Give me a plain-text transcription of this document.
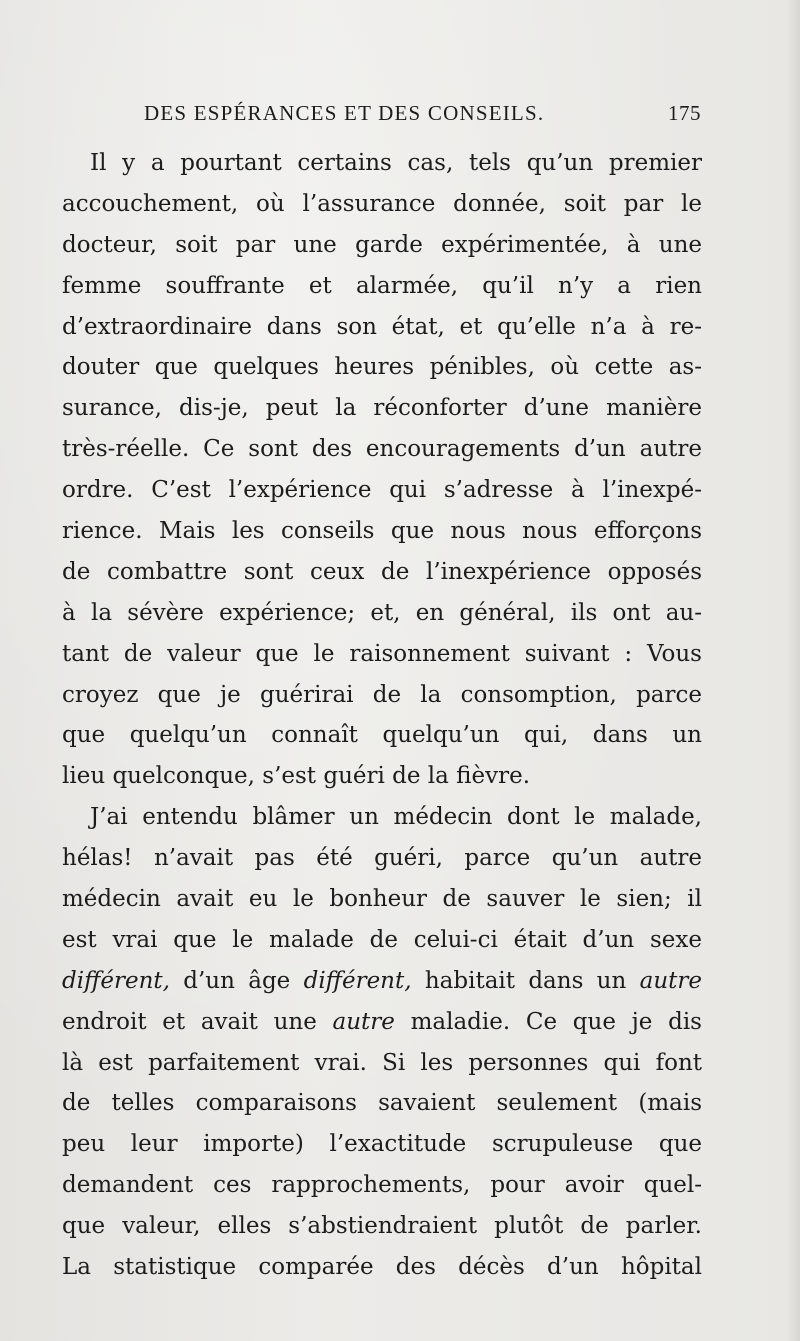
DES ESPÉRANCES ET DES CONSEILS.	175
Il y a pourtant certains cas, tels qu’un premier
accouchement, où l’assurance donnée, soit par le
docteur, soit par une garde expérimentée, à une
femme souffrante et alarmée, qu’il n’y a rien
d’extraordinaire dans son état, et qu’elle n’a à re-
douter que quelques heures pénibles, où cette as-
surance, dis-je, peut la réconforter d’une manière
très-réelle. Ce sont des encouragements d’un autre
ordre. C’est l’expérience qui s’adresse à l’inexpé-
rience. Mais les conseils que nous nous efforçons
de combattre sont ceux de l’inexpérience opposés
à la sévère expérience; et, en général, ils ont au-
tant de valeur que le raisonnement suivant : Vous
croyez que je guérirai de la consomption, parce
que quelqu’un connaît quelqu’un qui, dans un
lieu quelconque, s’est guéri de la fièvre.
J’ai entendu blâmer un médecin dont le malade,
hélas! n’avait pas été guéri, parce qu’un autre
médecin avait eu le bonheur de sauver le sien; il
est vrai que le malade de celui-ci était d’un sexe
différent, d’un âge différent, habitait dans un autre
endroit et avait une autre maladie. Ce que je dis
là est parfaitement vrai. Si les personnes qui font
de telles comparaisons savaient seulement (mais
peu leur importe) l’exactitude scrupuleuse que
demandent ces rapprochements, pour avoir quel-
que valeur, elles s’abstiendraient plutôt de parler.
La statistique comparée des décès d’un hôpital
